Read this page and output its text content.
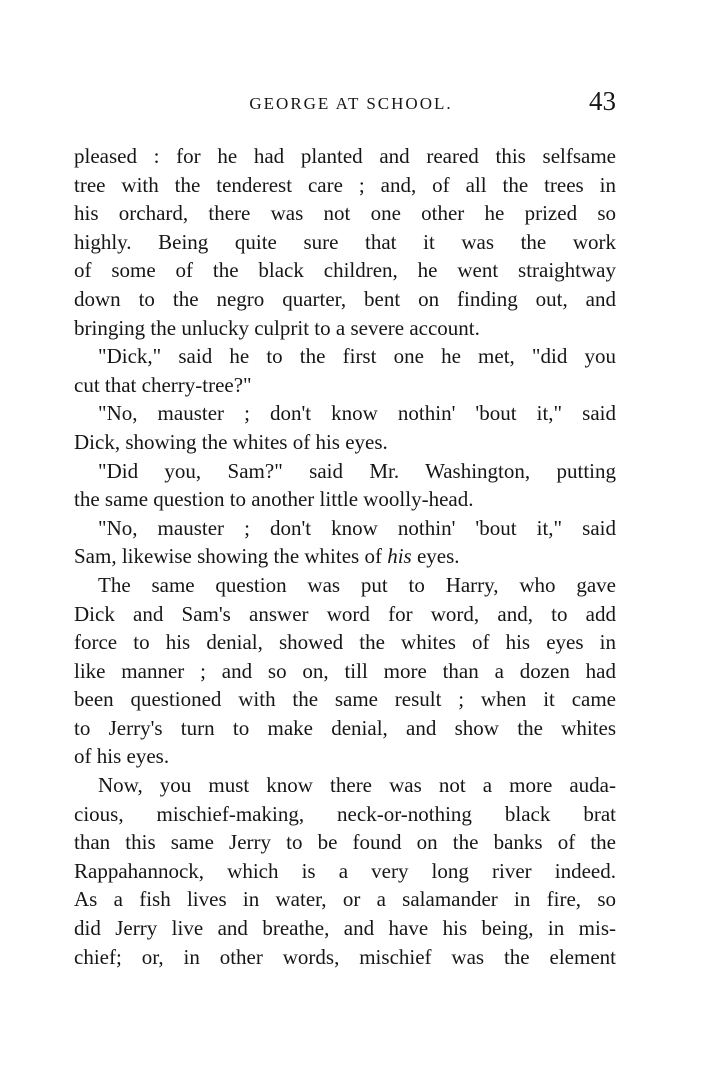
GEORGE AT SCHOOL.	43
pleased : for he had planted and reared this selfsame
tree with the tenderest care ; and, of all the trees in
his orchard, there was not one other he prized so
highly. Being quite sure that it was the work
of some of the black children, he went straightway
down to the negro quarter, bent on finding out, and
bringing the unlucky culprit to a severe account.
"Dick," said he to the first one he met, "did you
cut that cherry-tree?"
"No, mauster ; don't know nothin' 'bout it," said
Dick, showing the whites of his eyes.
"Did you, Sam?" said Mr. Washington, putting
the same question to another little woolly-head.
"No, mauster ; don't know nothin' 'bout it," said
Sam, likewise showing the whites of his eyes.
The same question was put to Harry, who gave
Dick and Sam's answer word for word, and, to add
force to his denial, showed the whites of his eyes in
like manner ; and so on, till more than a dozen had
been questioned with the same result ; when it came
to Jerry's turn to make denial, and show the whites
of his eyes.
Now, you must know there was not a more auda-
cious, mischief-making, neck-or-nothing black brat
than this same Jerry to be found on the banks of the
Rappahannock, which is a very long river indeed.
As a fish lives in water, or a salamander in fire, so
did Jerry live and breathe, and have his being, in mis-
chief; or, in other words, mischief was the element
